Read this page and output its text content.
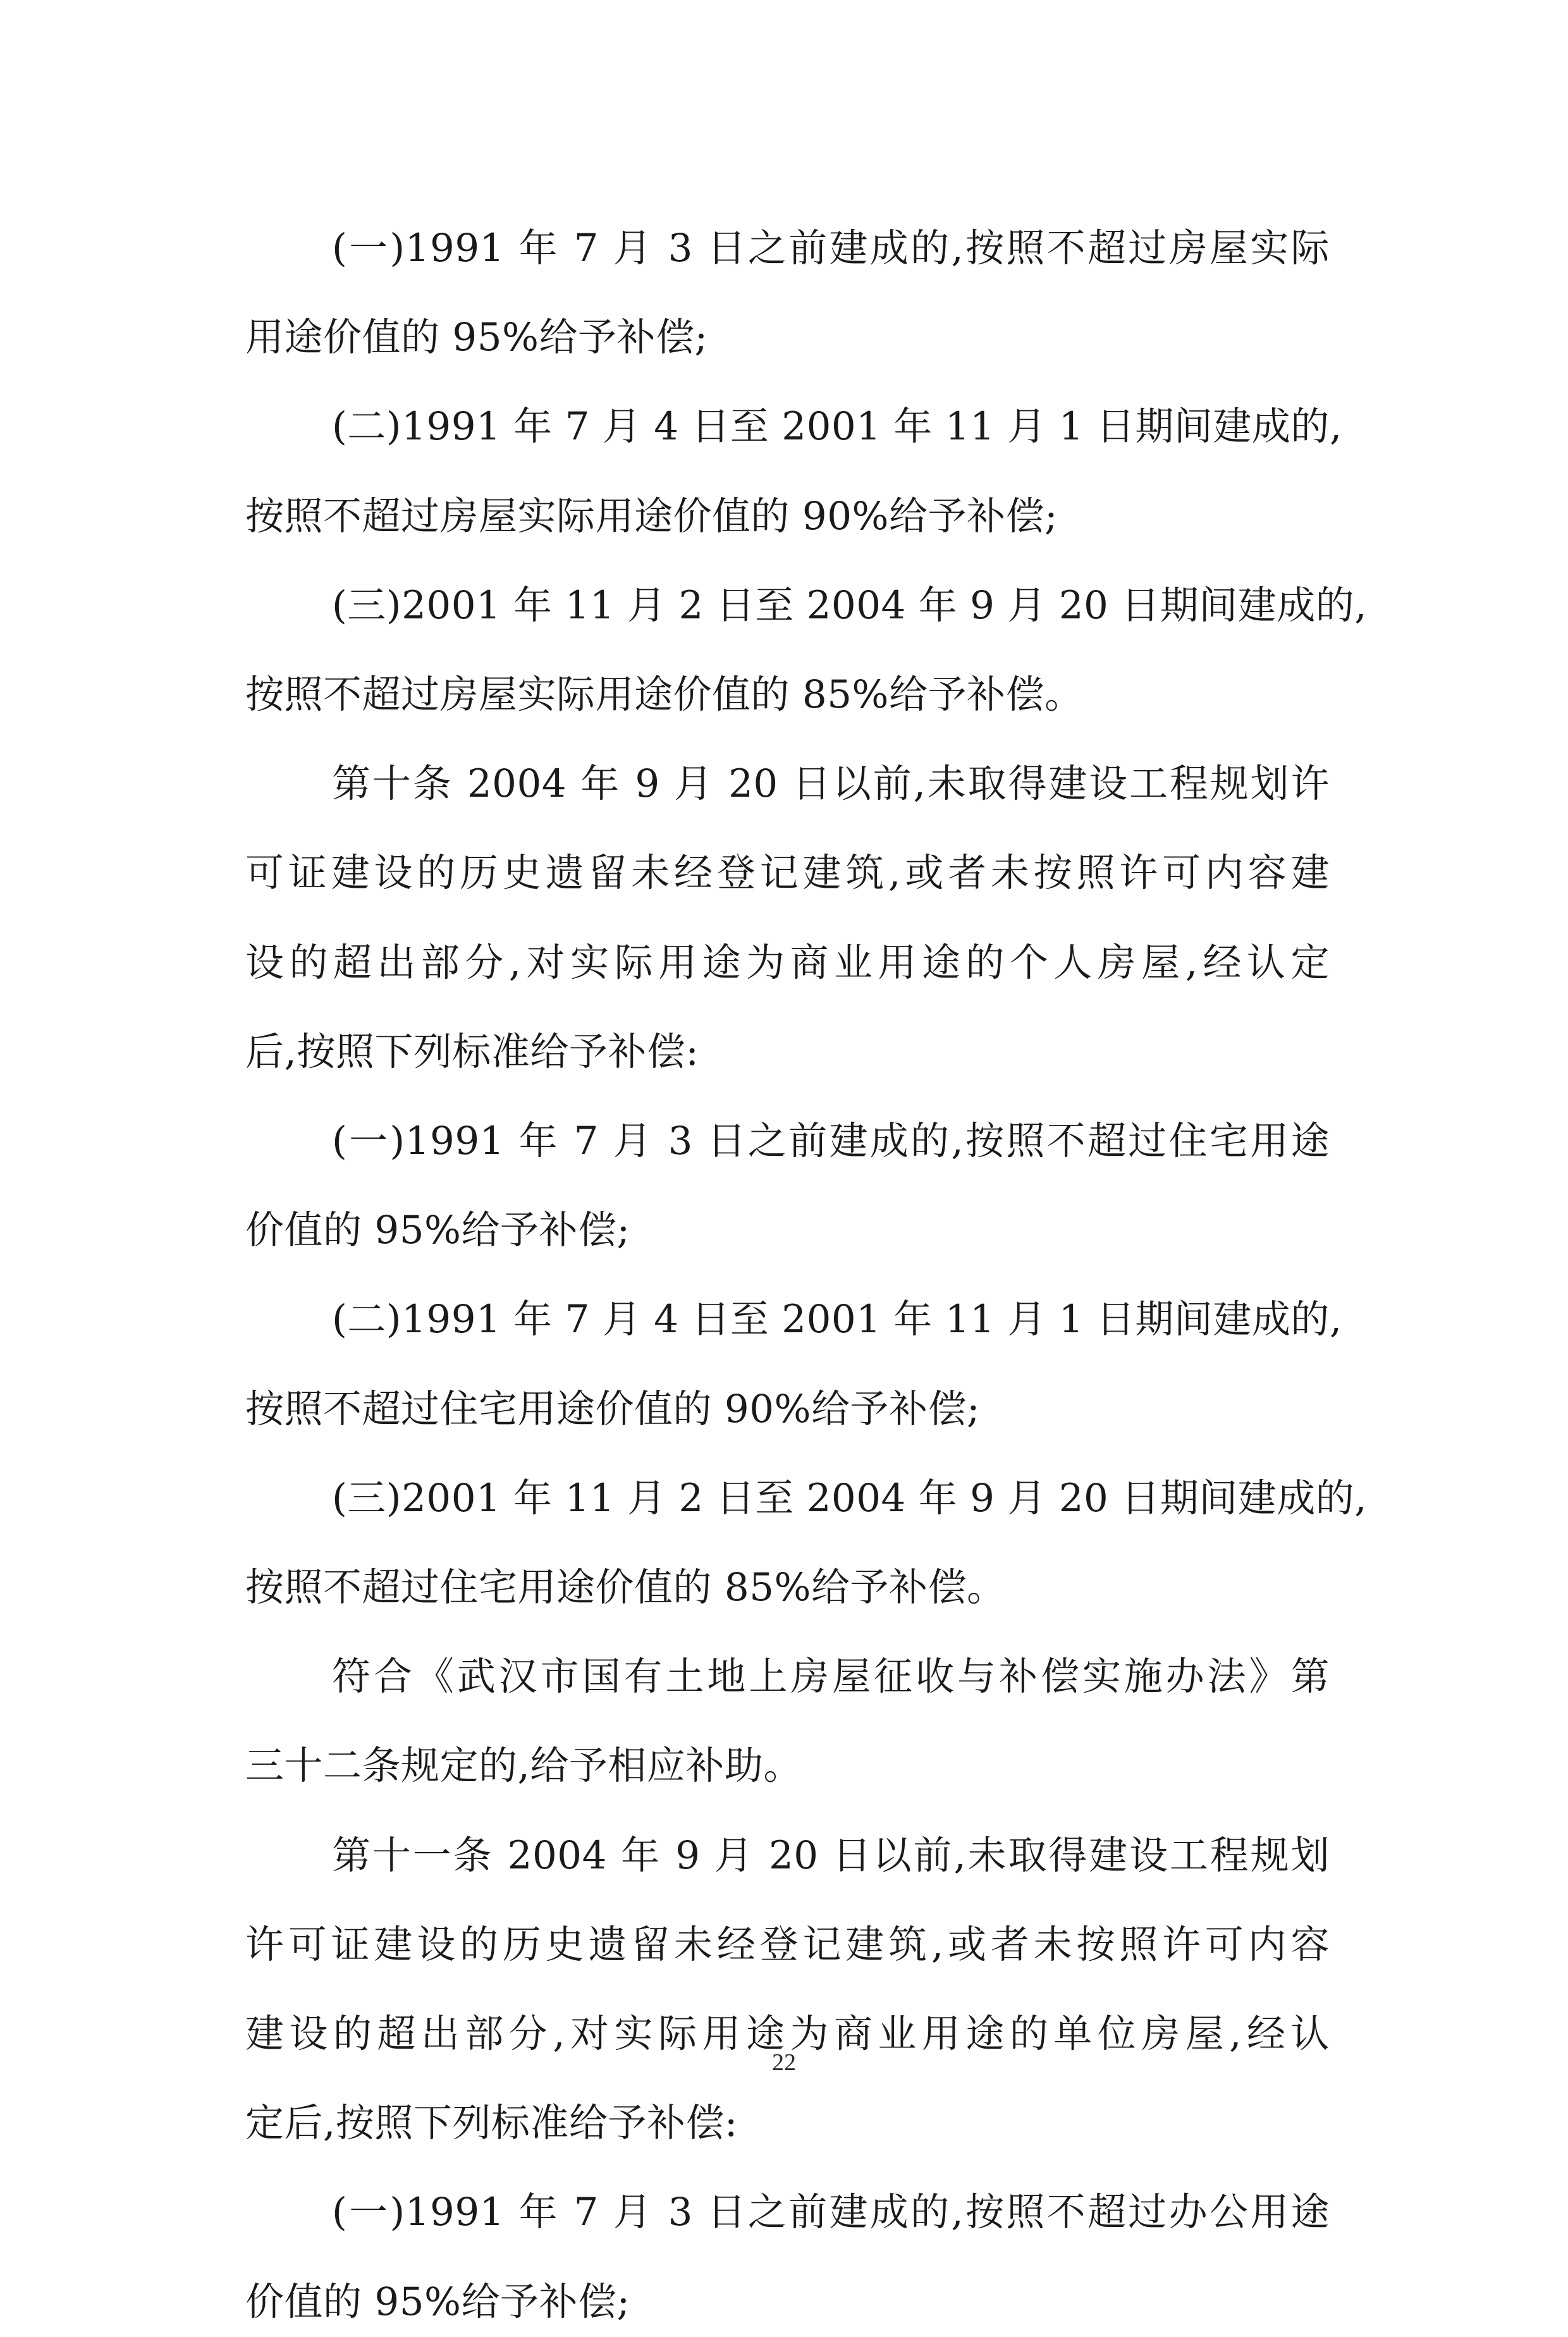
(一)1991 年 7 月 3 日之前建成的,按照不超过房屋实际

用途价值的 95%给予补偿;

(二)1991 年 7 月 4 日至 2001 年 11 月 1 日期间建成的,

按照不超过房屋实际用途价值的 90%给予补偿;

(三)2001 年 11 月 2 日至 2004 年 9 月 20 日期间建成的,

按照不超过房屋实际用途价值的 85%给予补偿。

第十条 2004 年 9 月 20 日以前,未取得建设工程规划许

可证建设的历史遗留未经登记建筑,或者未按照许可内容建

设的超出部分,对实际用途为商业用途的个人房屋,经认定

后,按照下列标准给予补偿:

(一)1991 年 7 月 3 日之前建成的,按照不超过住宅用途

价值的 95%给予补偿;

(二)1991 年 7 月 4 日至 2001 年 11 月 1 日期间建成的,

按照不超过住宅用途价值的 90%给予补偿;

(三)2001 年 11 月 2 日至 2004 年 9 月 20 日期间建成的,

按照不超过住宅用途价值的 85%给予补偿。

符合《武汉市国有土地上房屋征收与补偿实施办法》第

三十二条规定的,给予相应补助。

第十一条 2004 年 9 月 20 日以前,未取得建设工程规划

许可证建设的历史遗留未经登记建筑,或者未按照许可内容

建设的超出部分,对实际用途为商业用途的单位房屋,经认

定后,按照下列标准给予补偿:

(一)1991 年 7 月 3 日之前建成的,按照不超过办公用途

价值的 95%给予补偿;

22
